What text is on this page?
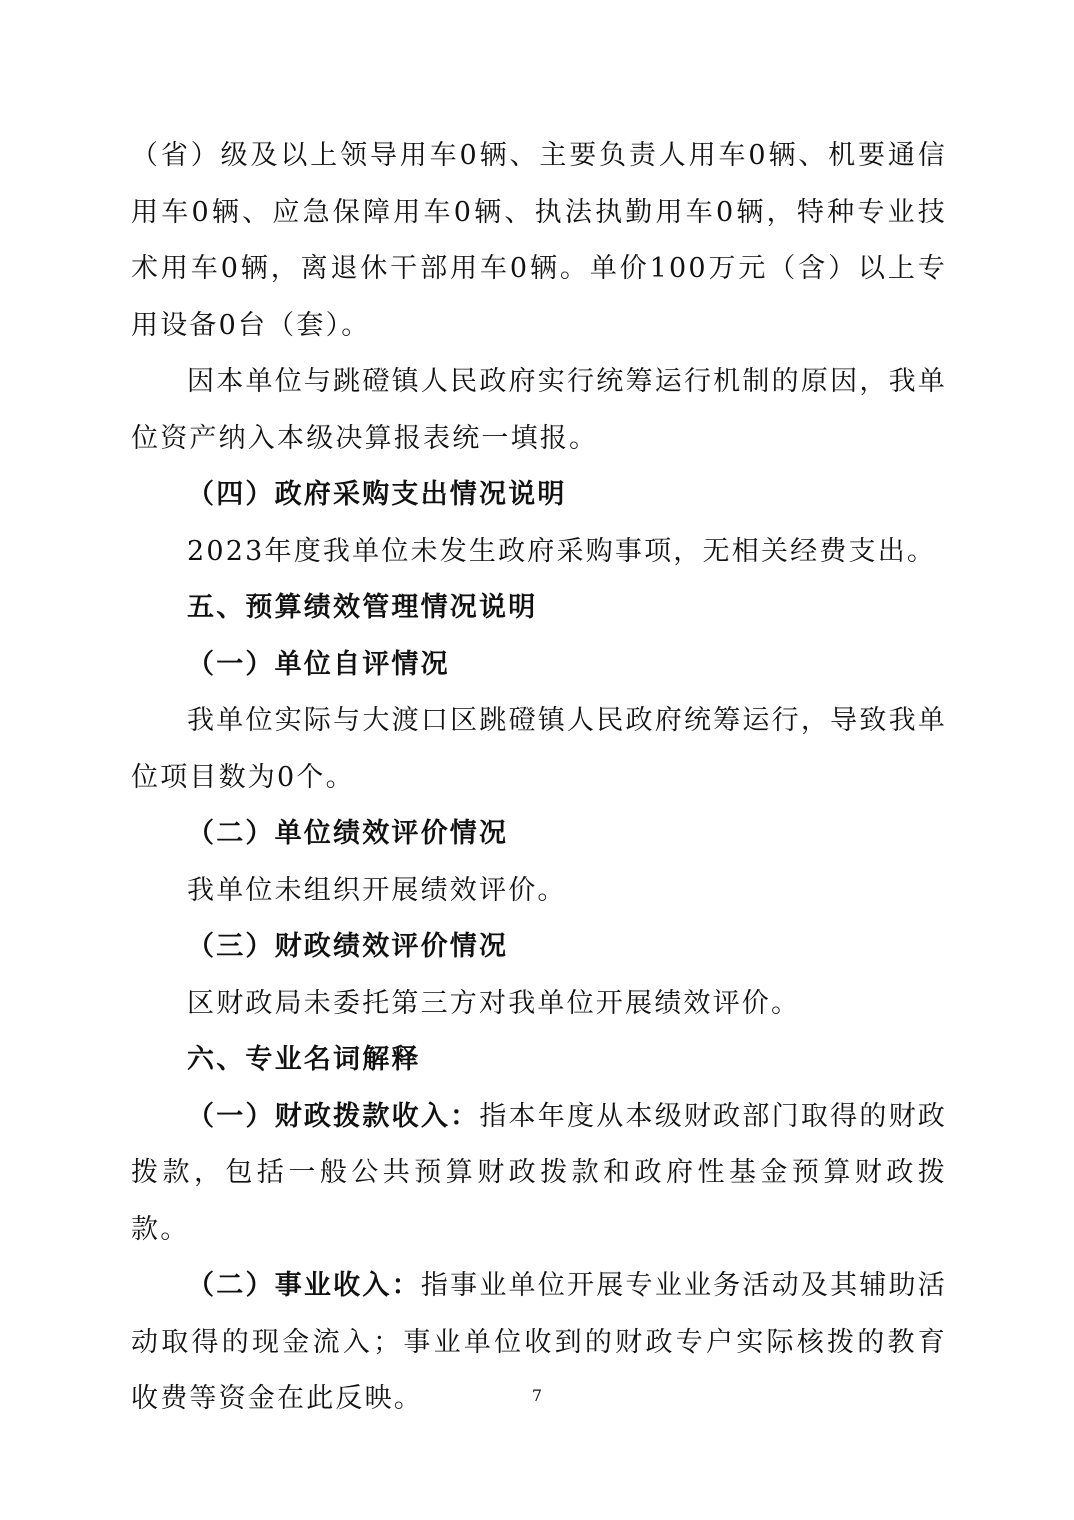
（省）级及以上领导用车0辆、主要负责人用车0辆、机要通信用车0辆、应急保障用车0辆、执法执勤用车0辆，特种专业技术用车0辆，离退休干部用车0辆。单价100万元（含）以上专用设备0台（套）。

因本单位与跳磴镇人民政府实行统筹运行机制的原因，我单位资产纳入本级决算报表统一填报。

（四）政府采购支出情况说明

2023年度我单位未发生政府采购事项，无相关经费支出。

五、预算绩效管理情况说明

（一）单位自评情况

我单位实际与大渡口区跳磴镇人民政府统筹运行，导致我单位项目数为0个。

（二）单位绩效评价情况

我单位未组织开展绩效评价。

（三）财政绩效评价情况

区财政局未委托第三方对我单位开展绩效评价。

六、专业名词解释

（一）财政拨款收入：指本年度从本级财政部门取得的财政拨款，包括一般公共预算财政拨款和政府性基金预算财政拨款。

（二）事业收入：指事业单位开展专业业务活动及其辅助活动取得的现金流入；事业单位收到的财政专户实际核拨的教育收费等资金在此反映。	7
